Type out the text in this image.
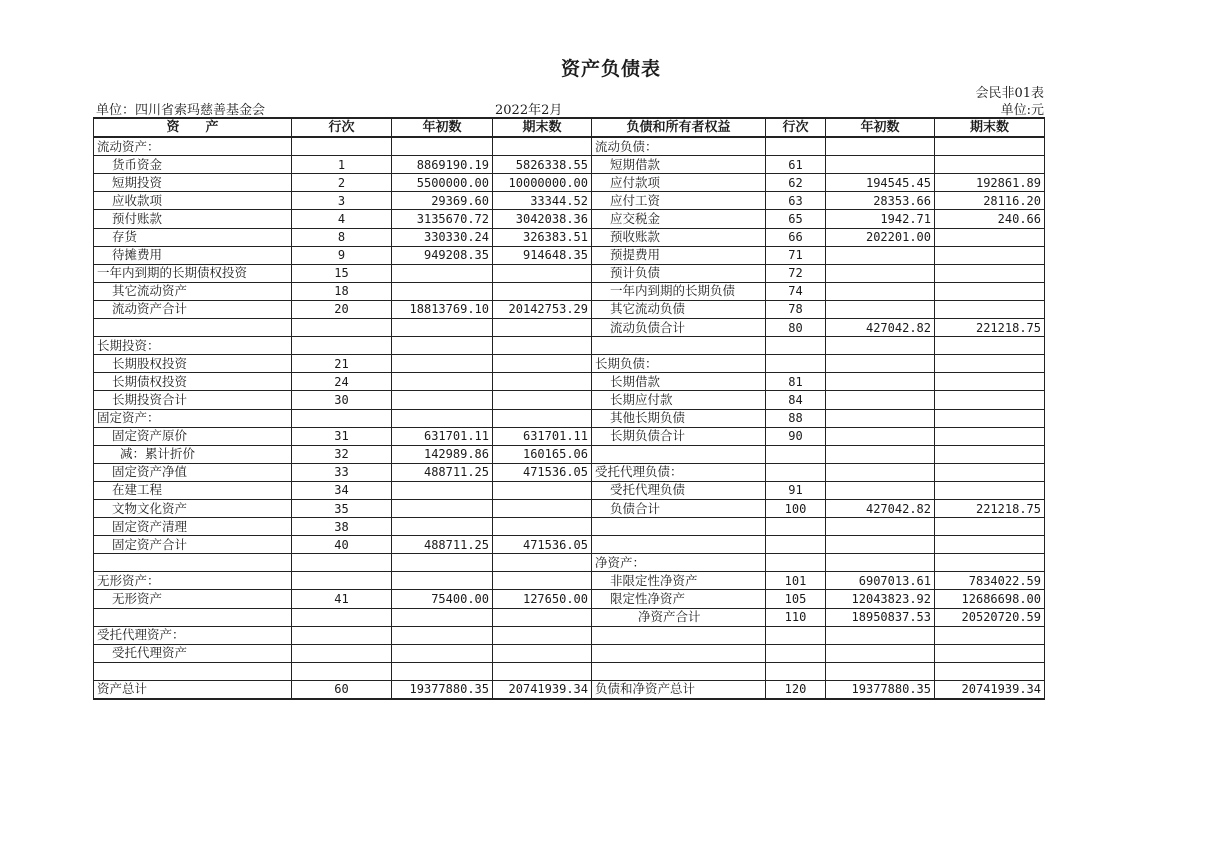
资产负债表
会民非01表
单位：四川省索玛慈善基金会	2022年2月	单位:元
资　　产	行次	年初数	期末数	负债和所有者权益	行次	年初数	期末数
流动资产：				流动负债：			
货币资金	1	8869190.19	5826338.55	短期借款	61		
短期投资	2	5500000.00	10000000.00	应付款项	62	194545.45	192861.89
应收款项	3	29369.60	33344.52	应付工资	63	28353.66	28116.20
预付账款	4	3135670.72	3042038.36	应交税金	65	1942.71	240.66
存货	8	330330.24	326383.51	预收账款	66	202201.00	
待摊费用	9	949208.35	914648.35	预提费用	71		
一年内到期的长期债权投资	15			预计负债	72		
其它流动资产	18			一年内到期的长期负债	74		
流动资产合计	20	18813769.10	20142753.29	其它流动负债	78		
				流动负债合计	80	427042.82	221218.75
长期投资：							
长期股权投资	21			长期负债：			
长期债权投资	24			长期借款	81		
长期投资合计	30			长期应付款	84		
固定资产：				其他长期负债	88		
固定资产原价	31	631701.11	631701.11	长期负债合计	90		
减：累计折价	32	142989.86	160165.06				
固定资产净值	33	488711.25	471536.05	受托代理负债：			
在建工程	34			受托代理负债	91		
文物文化资产	35			负债合计	100	427042.82	221218.75
固定资产清理	38						
固定资产合计	40	488711.25	471536.05				
				净资产：			
无形资产：				非限定性净资产	101	6907013.61	7834022.59
无形资产	41	75400.00	127650.00	限定性净资产	105	12043823.92	12686698.00
				净资产合计	110	18950837.53	20520720.59
受托代理资产：							
受托代理资产							

资产总计	60	19377880.35	20741939.34	负债和净资产总计	120	19377880.35	20741939.34
